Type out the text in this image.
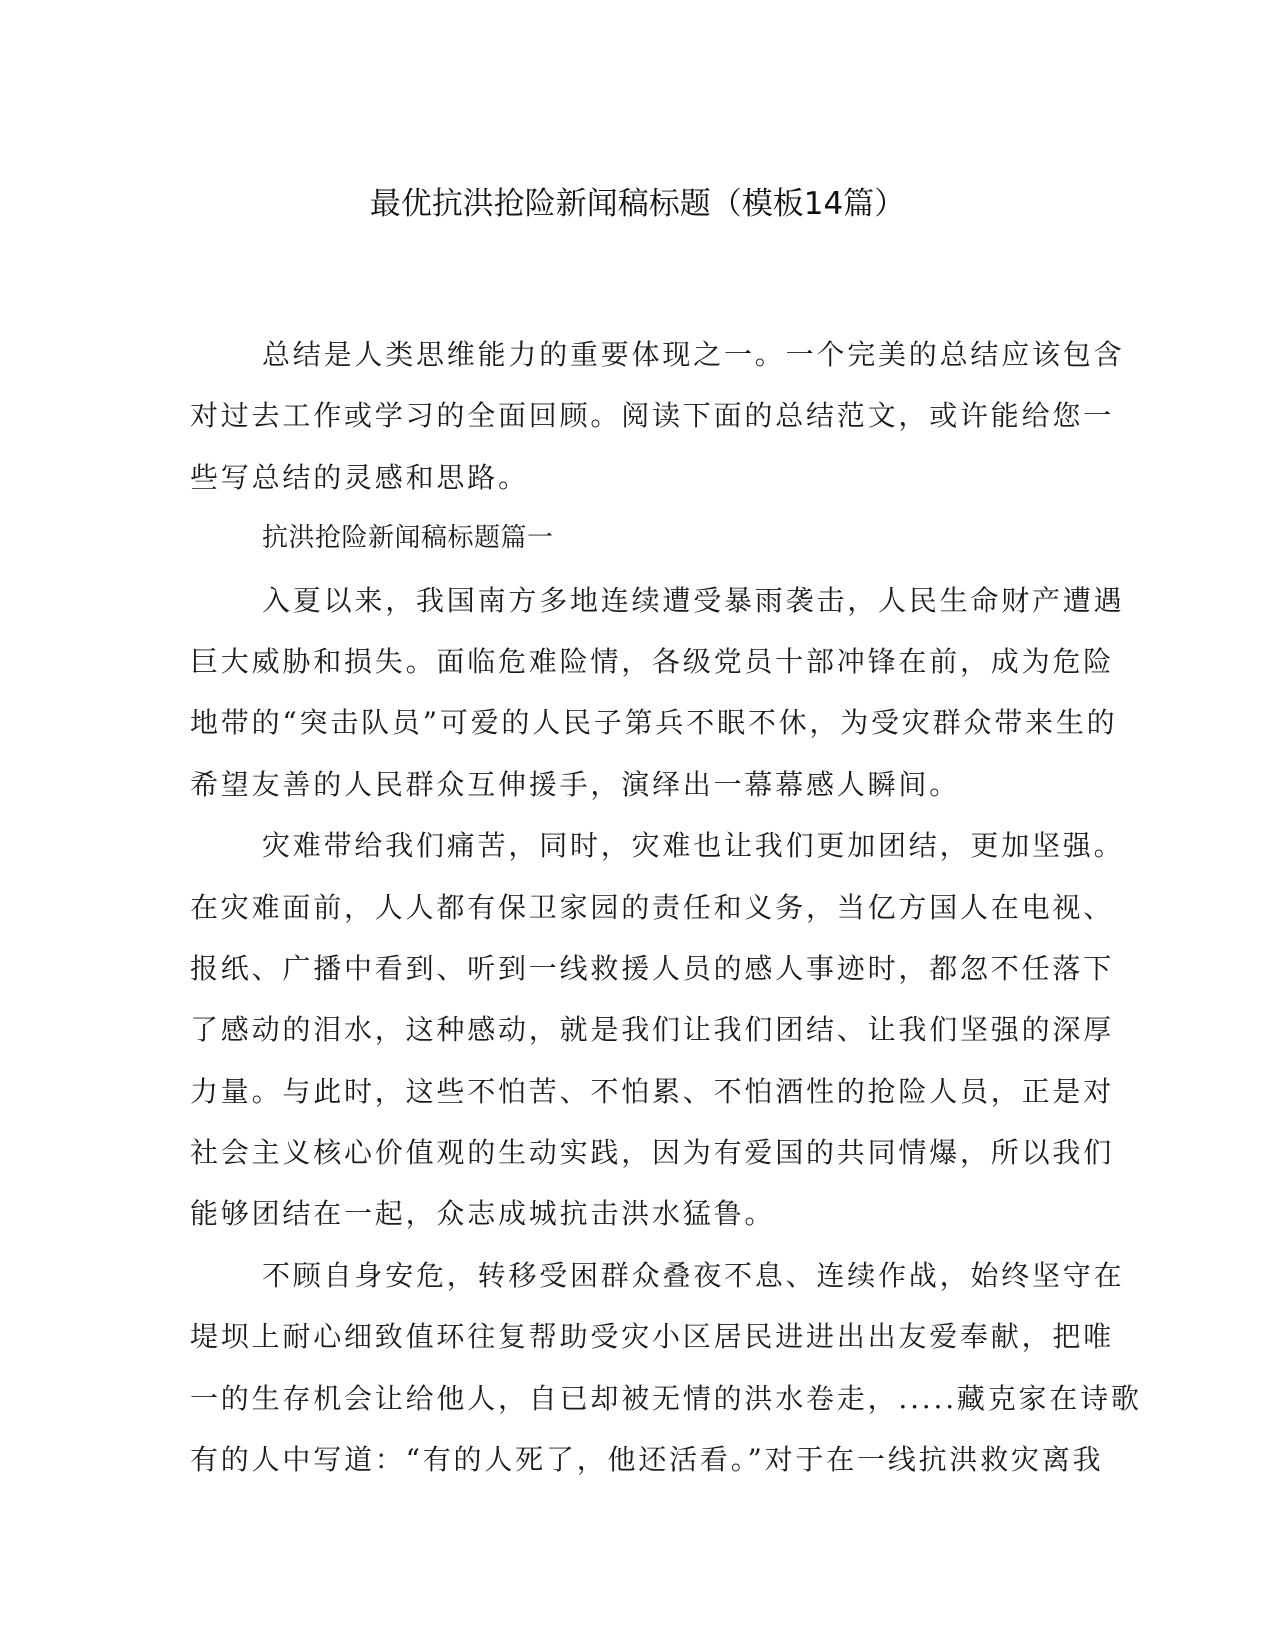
最优抗洪抢险新闻稿标题（模板14篇）

总结是人类思维能力的重要体现之一。一个完美的总结应该包含
对过去工作或学习的全面回顾。阅读下面的总结范文，或许能给您一
些写总结的灵感和思路。

抗洪抢险新闻稿标题篇一

入夏以来，我国南方多地连续遭受暴雨袭击，人民生命财产遭遇
巨大威胁和损失。面临危难险情，各级党员十部冲锋在前，成为危险
地带的“突击队员”可爱的人民子第兵不眠不休，为受灾群众带来生的
希望友善的人民群众互伸援手，演绎出一幕幕感人瞬间。

灾难带给我们痛苦，同时，灾难也让我们更加团结，更加坚强。
在灾难面前，人人都有保卫家园的责任和义务，当亿方国人在电视、
报纸、广播中看到、听到一线救援人员的感人事迹时，都忽不任落下
了感动的泪水，这种感动，就是我们让我们团结、让我们坚强的深厚
力量。与此时，这些不怕苦、不怕累、不怕酒性的抢险人员，正是对
社会主义核心价值观的生动实践，因为有爱国的共同情爆，所以我们
能够团结在一起，众志成城抗击洪水猛鲁。

不顾自身安危，转移受困群众叠夜不息、连续作战，始终坚守在
堤坝上耐心细致值环往复帮助受灾小区居民进进出出友爱奉献，把唯
一的生存机会让给他人，自已却被无情的洪水卷走，.....藏克家在诗歌
有的人中写道：“有的人死了，他还活看。”对于在一线抗洪救灾离我
